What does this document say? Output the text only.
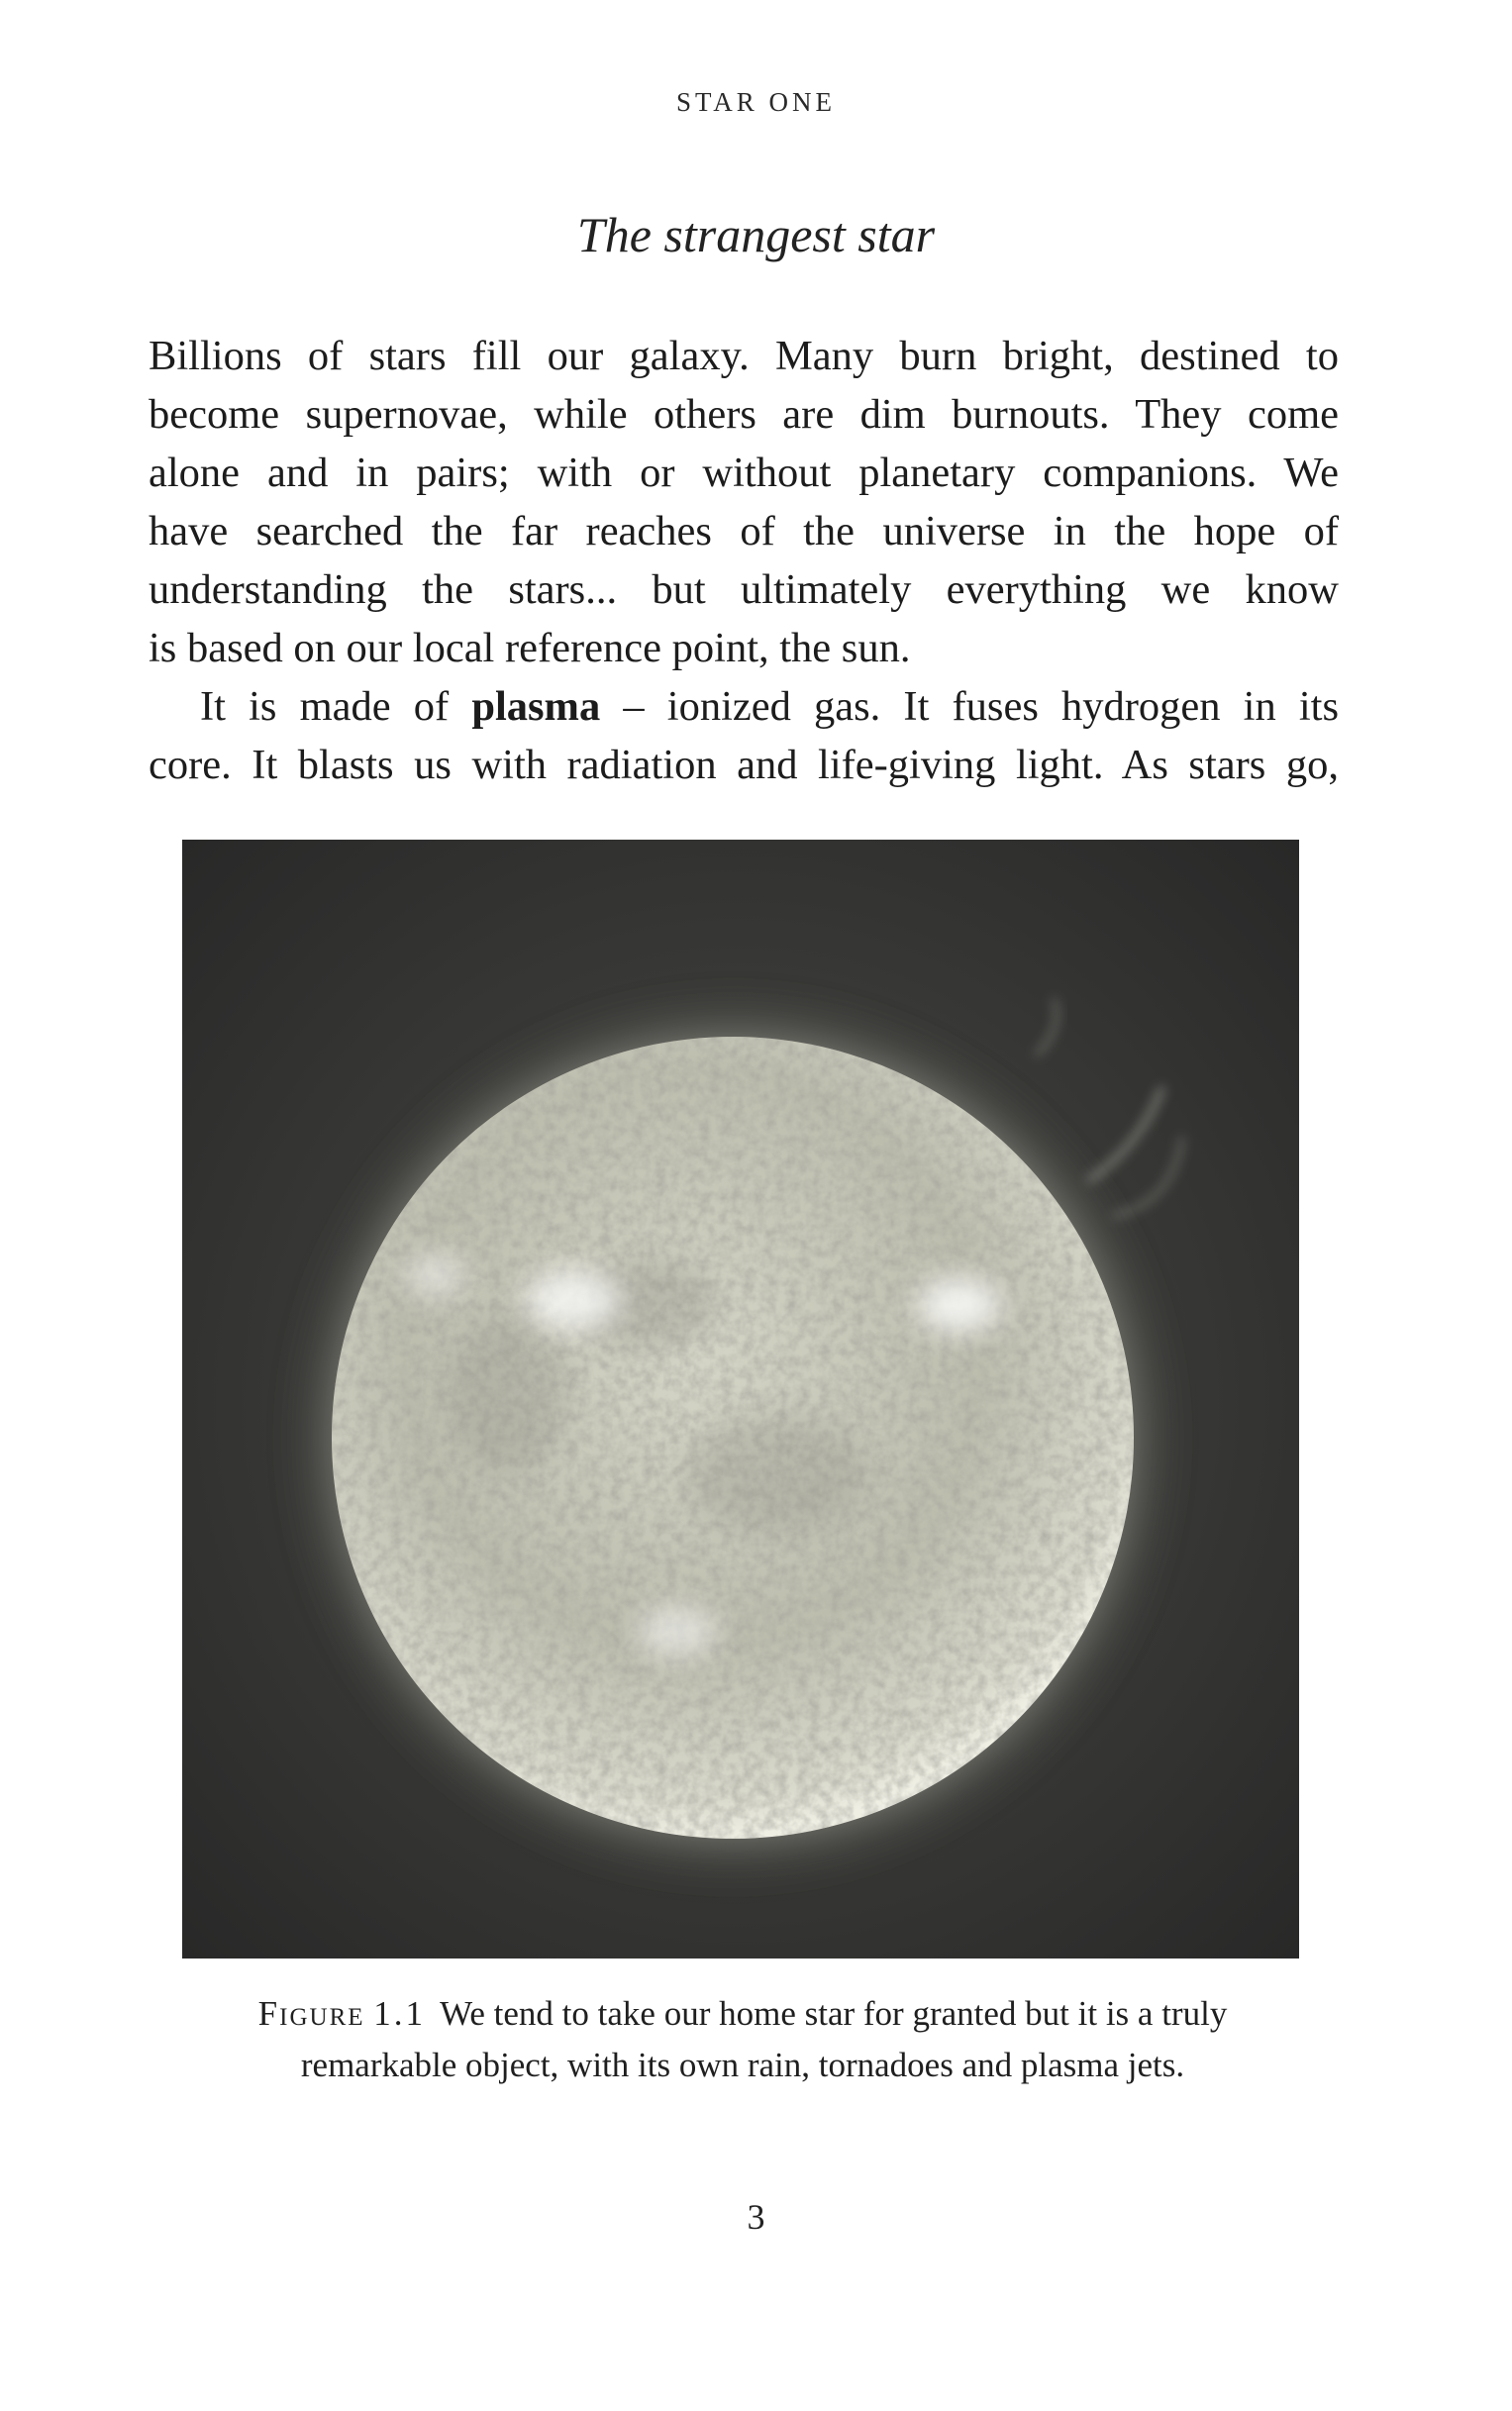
STAR ONE
The strangest star
Billions of stars fill our galaxy. Many burn bright, destined to
become supernovae, while others are dim burnouts. They come
alone and in pairs; with or without planetary companions. We
have searched the far reaches of the universe in the hope of
understanding the stars... but ultimately everything we know
is based on our local reference point, the sun.
It is made of plasma – ionized gas. It fuses hydrogen in its
core. It blasts us with radiation and life-giving light. As stars go,
Figure 1.1 We tend to take our home star for granted but it is a truly
remarkable object, with its own rain, tornadoes and plasma jets.
3
